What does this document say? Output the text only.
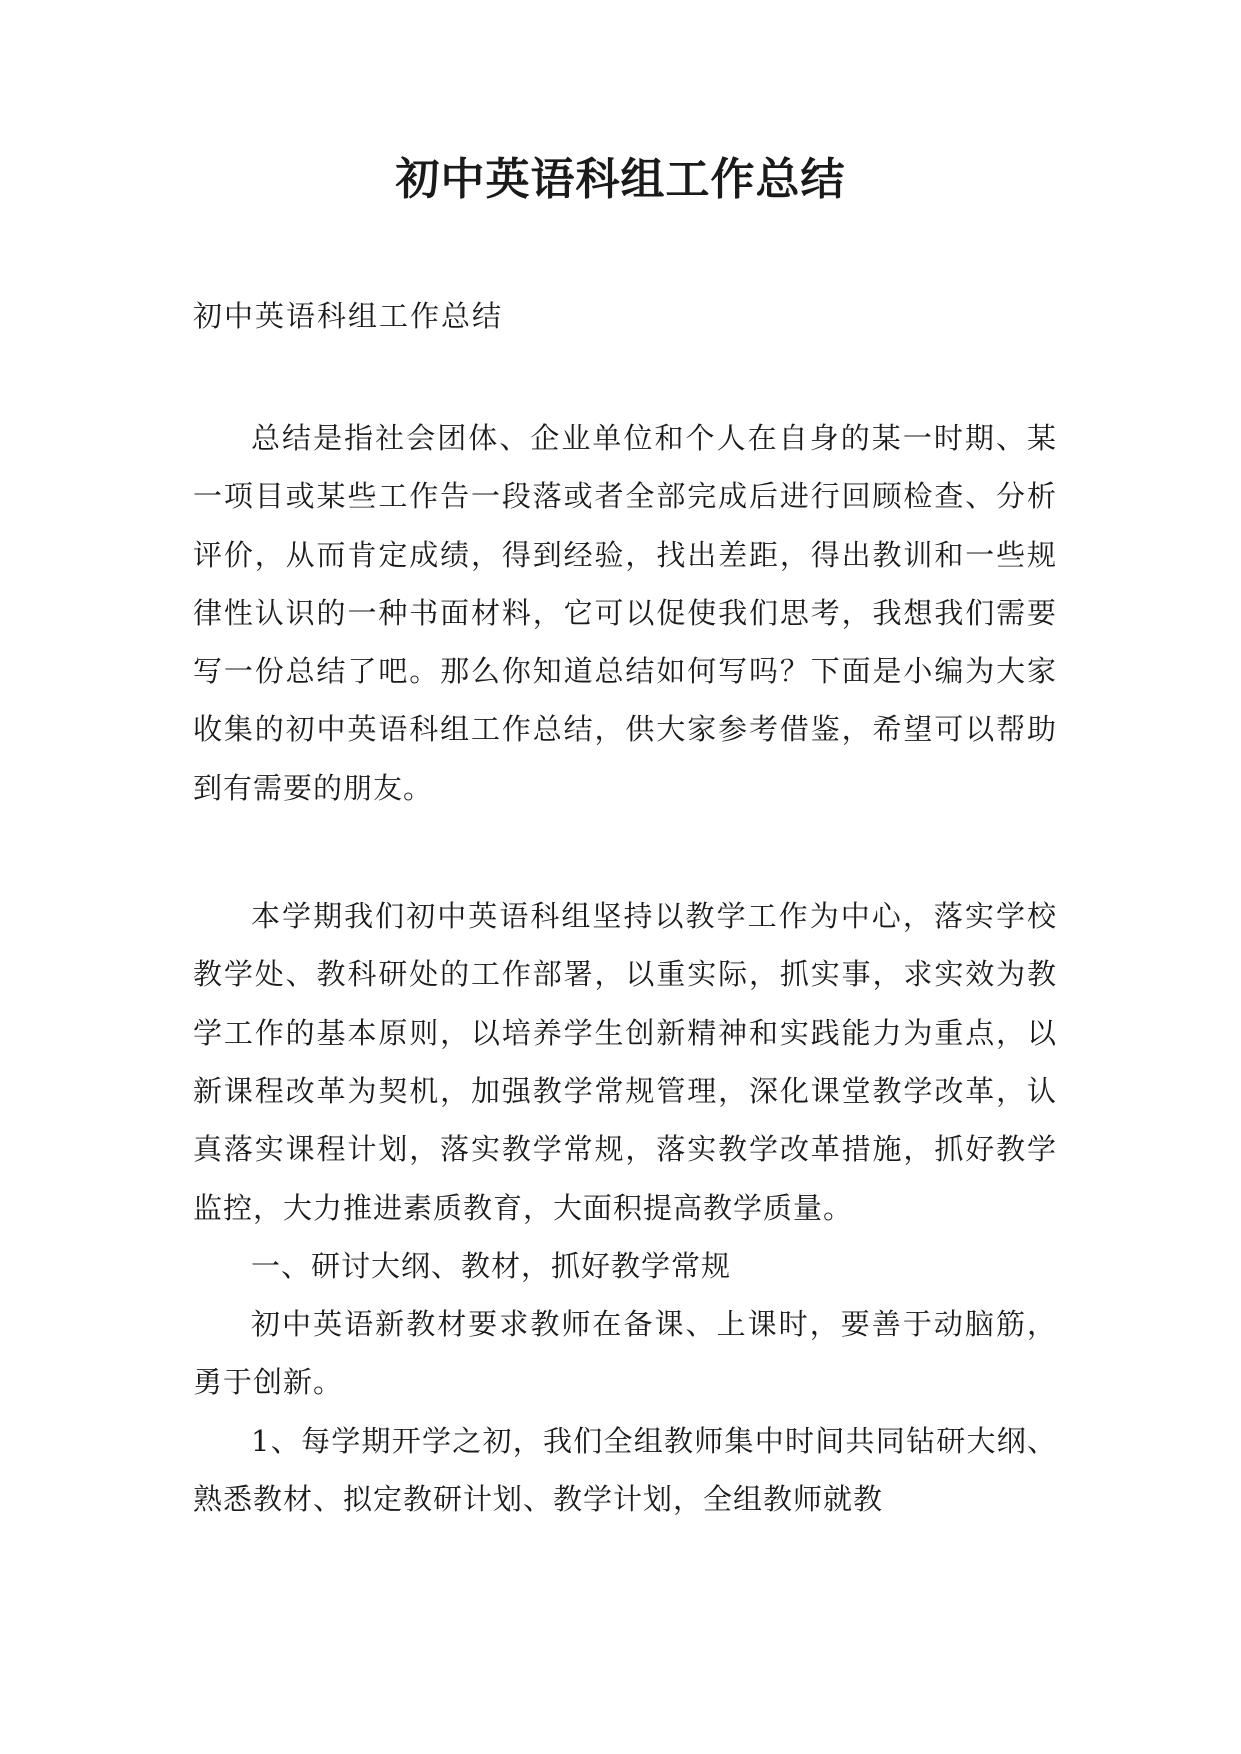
初中英语科组工作总结
初中英语科组工作总结

总结是指社会团体、企业单位和个人在自身的某一时期、某一项目或某些工作告一段落或者全部完成后进行回顾检查、分析评价，从而肯定成绩，得到经验，找出差距，得出教训和一些规律性认识的一种书面材料，它可以促使我们思考，我想我们需要写一份总结了吧。那么你知道总结如何写吗？下面是小编为大家收集的初中英语科组工作总结，供大家参考借鉴，希望可以帮助到有需要的朋友。

本学期我们初中英语科组坚持以教学工作为中心，落实学校教学处、教科研处的工作部署，以重实际，抓实事，求实效为教学工作的基本原则，以培养学生创新精神和实践能力为重点，以新课程改革为契机，加强教学常规管理，深化课堂教学改革，认真落实课程计划，落实教学常规，落实教学改革措施，抓好教学监控，大力推进素质教育，大面积提高教学质量。

一、研讨大纲、教材，抓好教学常规

初中英语新教材要求教师在备课、上课时，要善于动脑筋，勇于创新。

1、每学期开学之初，我们全组教师集中时间共同钻研大纲、熟悉教材、拟定教研计划、教学计划，全组教师就教
